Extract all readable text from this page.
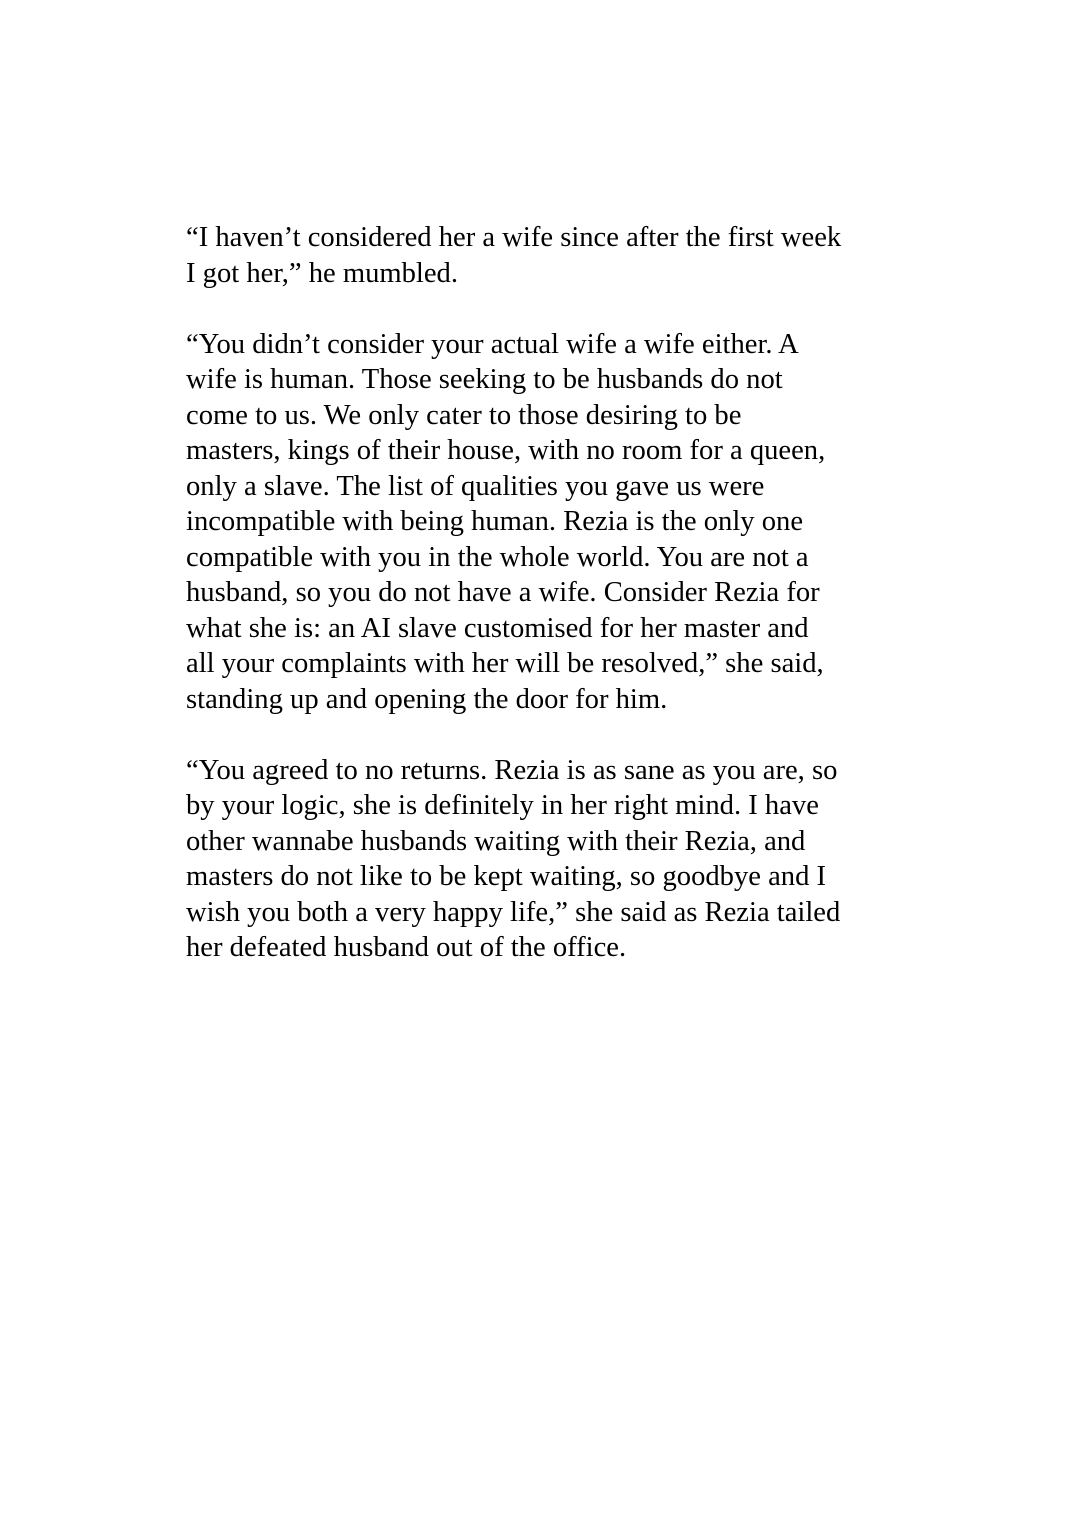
“I haven’t considered her a wife since after the first week
I got her,” he mumbled.

“You didn’t consider your actual wife a wife either. A
wife is human. Those seeking to be husbands do not
come to us. We only cater to those desiring to be
masters, kings of their house, with no room for a queen,
only a slave. The list of qualities you gave us were
incompatible with being human. Rezia is the only one
compatible with you in the whole world. You are not a
husband, so you do not have a wife. Consider Rezia for
what she is: an AI slave customised for her master and
all your complaints with her will be resolved,” she said,
standing up and opening the door for him.

“You agreed to no returns. Rezia is as sane as you are, so
by your logic, she is definitely in her right mind. I have
other wannabe husbands waiting with their Rezia, and
masters do not like to be kept waiting, so goodbye and I
wish you both a very happy life,” she said as Rezia tailed
her defeated husband out of the office.
